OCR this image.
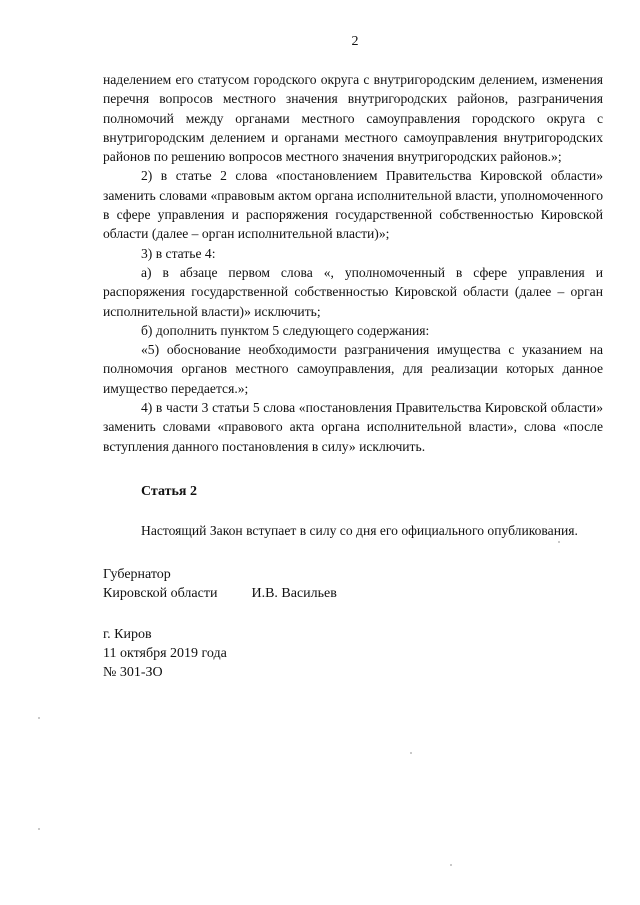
2

наделением его статусом городского округа с внутригородским делением, изменения перечня вопросов местного значения внутригородских районов, разграничения полномочий между органами местного самоуправления городского округа с внутригородским делением и органами местного самоуправления внутригородских районов по решению вопросов местного значения внутригородских районов.»;

2) в статье 2 слова «постановлением Правительства Кировской области» заменить словами «правовым актом органа исполнительной власти, уполномоченного в сфере управления и распоряжения государственной собственностью Кировской области (далее – орган исполнительной власти)»;

3) в статье 4:

а) в абзаце первом слова «, уполномоченный в сфере управления и распоряжения государственной собственностью Кировской области (далее – орган исполнительной власти)» исключить;

б) дополнить пунктом 5 следующего содержания:

«5) обоснование необходимости разграничения имущества с указанием на полномочия органов местного самоуправления, для реализации которых данное имущество передается.»;

4) в части 3 статьи 5 слова «постановления Правительства Кировской области» заменить словами «правового акта органа исполнительной власти», слова «после вступления данного постановления в силу» исключить.

Статья 2

Настоящий Закон вступает в силу со дня его официального опубликования.

Губернатор
Кировской области И.В. Васильев
г. Киров
11 октября 2019 года
№ 301-ЗО
